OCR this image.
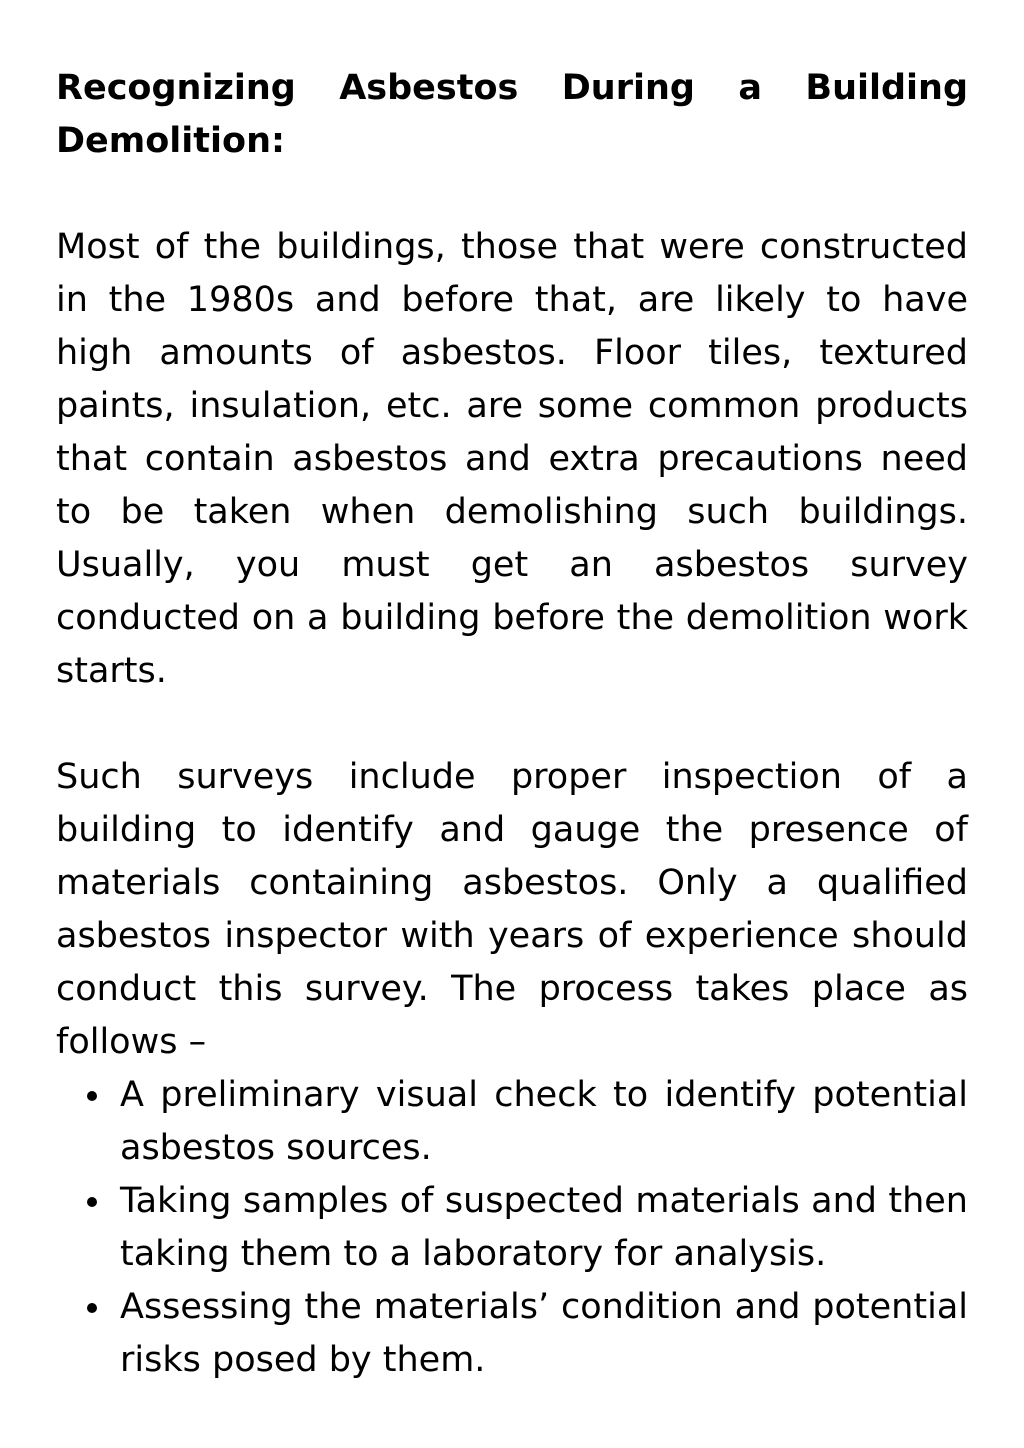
Recognizing Asbestos During a Building Demolition:

Most of the buildings, those that were constructed in the 1980s and before that, are likely to have high amounts of asbestos. Floor tiles, textured paints, insulation, etc. are some common products that contain asbestos and extra precautions need to be taken when demolishing such buildings. Usually, you must get an asbestos survey conducted on a building before the demolition work starts.

Such surveys include proper inspection of a building to identify and gauge the presence of materials containing asbestos. Only a qualified asbestos inspector with years of experience should conduct this survey. The process takes place as follows –

A preliminary visual check to identify potential asbestos sources.
Taking samples of suspected materials and then taking them to a laboratory for analysis.
Assessing the materials’ condition and potential risks posed by them.
